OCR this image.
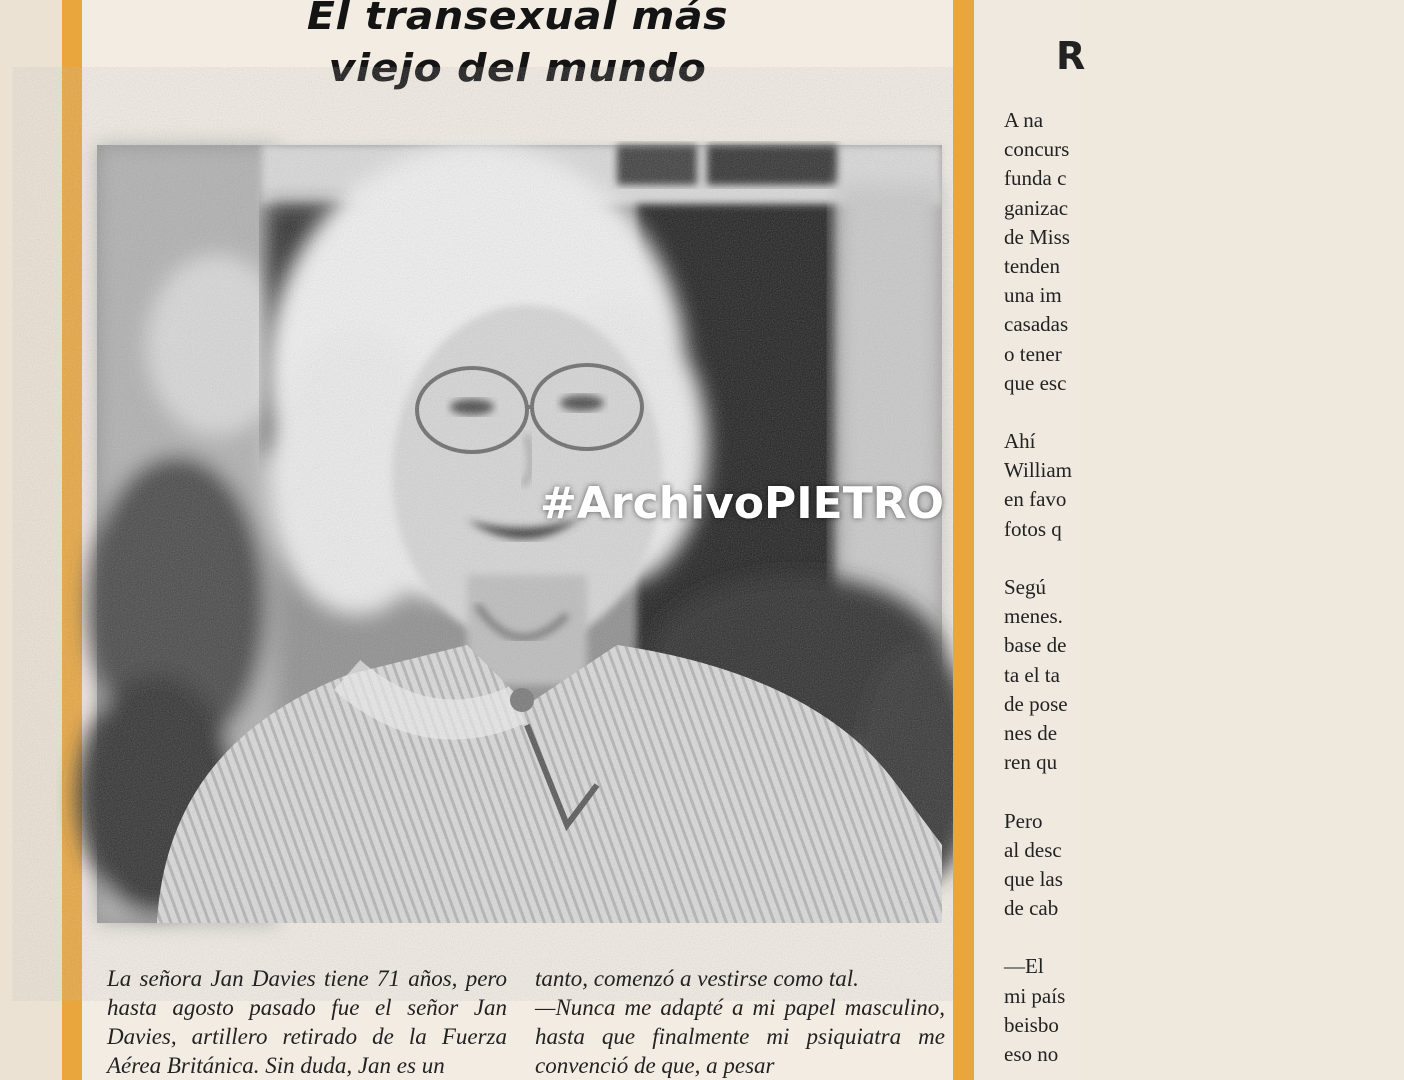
El transexual más
viejo del mundo

La señora Jan Davies tiene 71 años, pero hasta agosto pasado fue el señor Jan Davies, artillero retirado de la Fuerza Aérea Británica. Sin duda, Jan es un

tanto, comenzó a vestirse como tal.

—Nunca me adapté a mi papel masculino, hasta que finalmente mi psiquiatra me convenció de que, a pesar

R
A na
concurs
funda c
ganizac
de Miss
tenden
una im
casadas
o tener
que esc
Ahí
William
en favo
fotos q
Segú
menes.
base de
ta el ta
de pose
nes de
ren qu
Pero
al desc
que las
de cab
—El
mi país
beisbo
eso no
#ArchivoPIETRO
